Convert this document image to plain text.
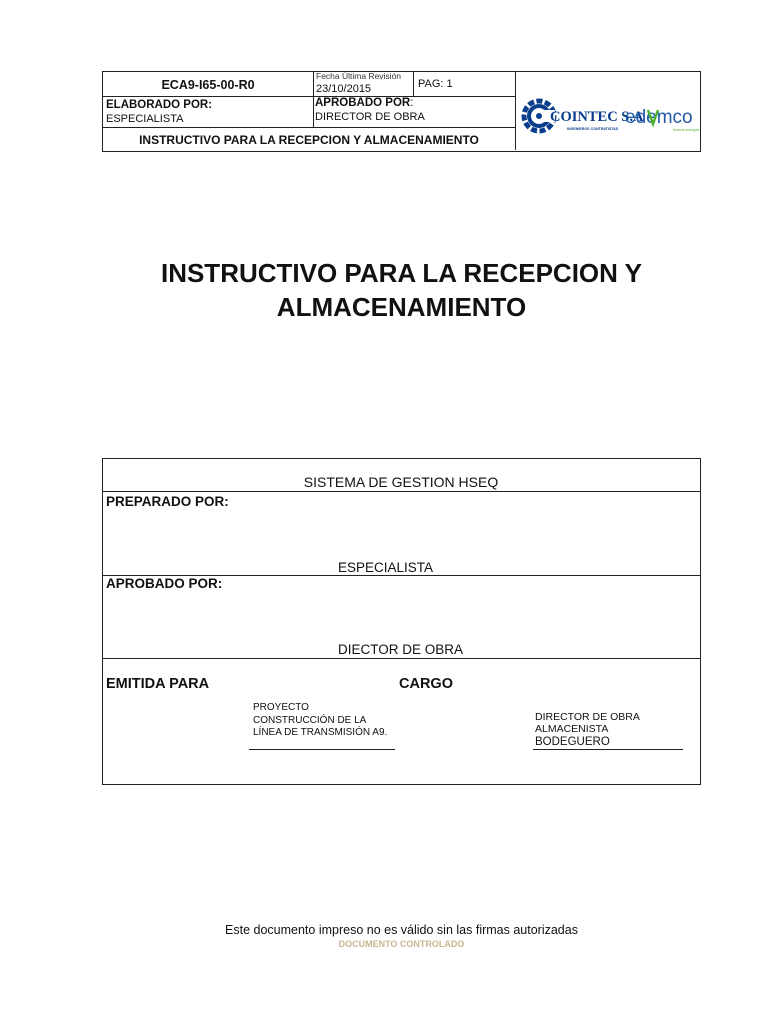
ECA9-I65-00-R0
Fecha Última Revisión
23/10/2015	PAG: 1
ELABORADO POR:
ESPECIALISTA
APROBADO POR:
DIRECTOR DE OBRA
INSTRUCTIVO PARA LA RECEPCION Y ALMACENAMIENTO
COINTEC S.A
INGENIEROS CONTRATISTAS
edemco
buena energía
INSTRUCTIVO PARA LA RECEPCION Y
ALMACENAMIENTO
SISTEMA DE GESTION HSEQ
PREPARADO POR:
ESPECIALISTA
APROBADO POR:
DIECTOR DE OBRA
EMITIDA PARA	CARGO
PROYECTO
CONSTRUCCIÓN DE LA
LÍNEA DE TRANSMISIÓN A9.
DIRECTOR DE OBRA
ALMACENISTA
BODEGUERO
Este documento impreso no es válido sin las firmas autorizadas
DOCUMENTO CONTROLADO
